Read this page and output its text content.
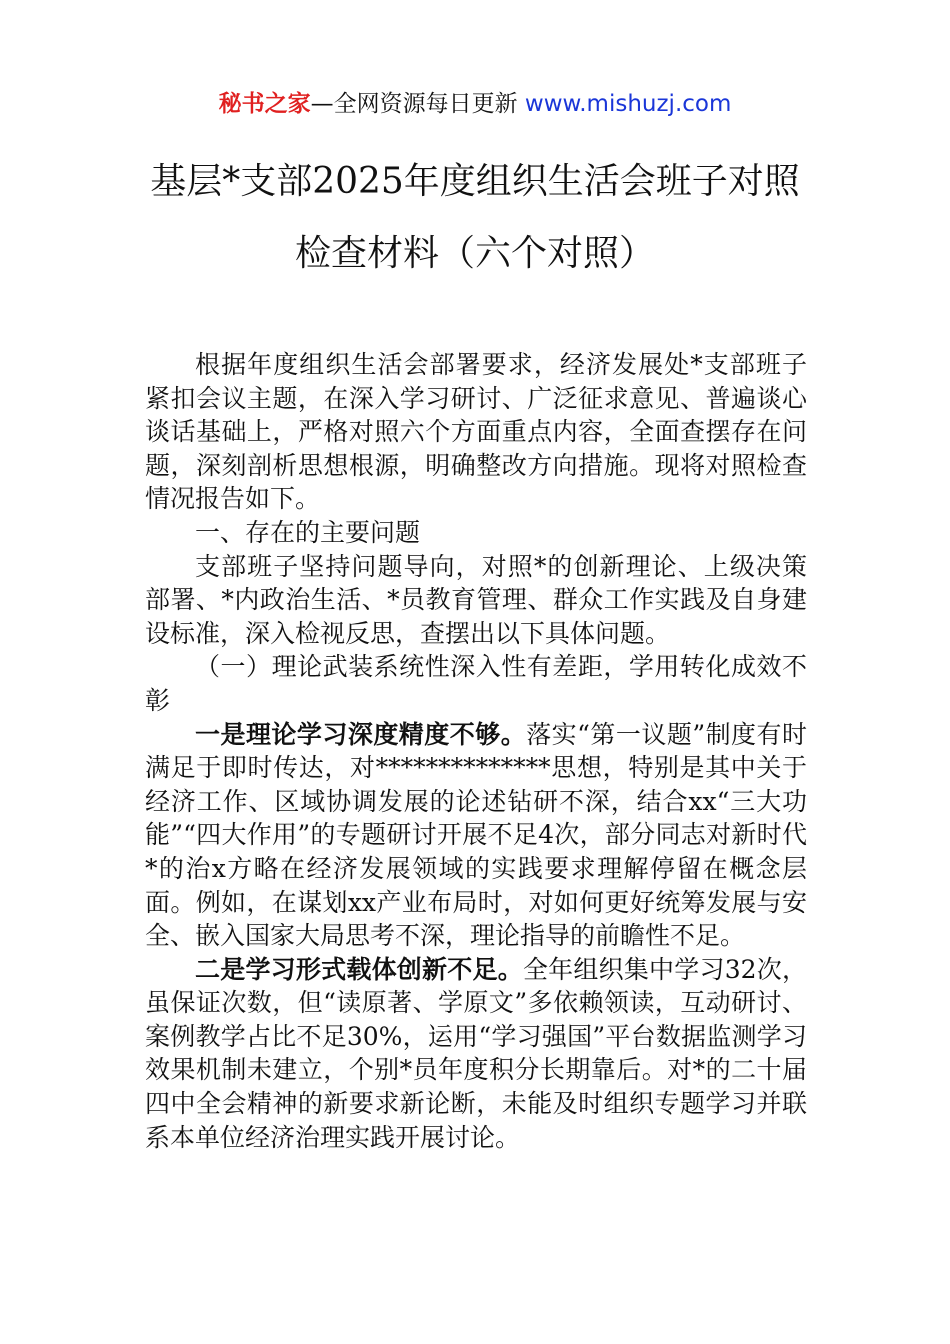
秘书之家—全网资源每日更新 www.mishuzj.com
基层*支部2025年度组织生活会班子对照
检查材料（六个对照）

根据年度组织生活会部署要求，经济发展处*支部班子紧扣会议主题，在深入学习研讨、广泛征求意见、普遍谈心谈话基础上，严格对照六个方面重点内容，全面查摆存在问题，深刻剖析思想根源，明确整改方向措施。现将对照检查情况报告如下。

一、存在的主要问题

支部班子坚持问题导向，对照*的创新理论、上级决策部署、*内政治生活、*员教育管理、群众工作实践及自身建设标准，深入检视反思，查摆出以下具体问题。

（一）理论武装系统性深入性有差距，学用转化成效不彰

一是理论学习深度精度不够。落实“第一议题”制度有时满足于即时传达，对**************思想，特别是其中关于经济工作、区域协调发展的论述钻研不深，结合xx“三大功能”“四大作用”的专题研讨开展不足4次，部分同志对新时代*的治x方略在经济发展领域的实践要求理解停留在概念层面。例如，在谋划xx产业布局时，对如何更好统筹发展与安全、嵌入国家大局思考不深，理论指导的前瞻性不足。

二是学习形式载体创新不足。全年组织集中学习32次，虽保证次数，但“读原著、学原文”多依赖领读，互动研讨、案例教学占比不足30%，运用“学习强国”平台数据监测学习效果机制未建立，个别*员年度积分长期靠后。对*的二十届四中全会精神的新要求新论断，未能及时组织专题学习并联系本单位经济治理实践开展讨论。
